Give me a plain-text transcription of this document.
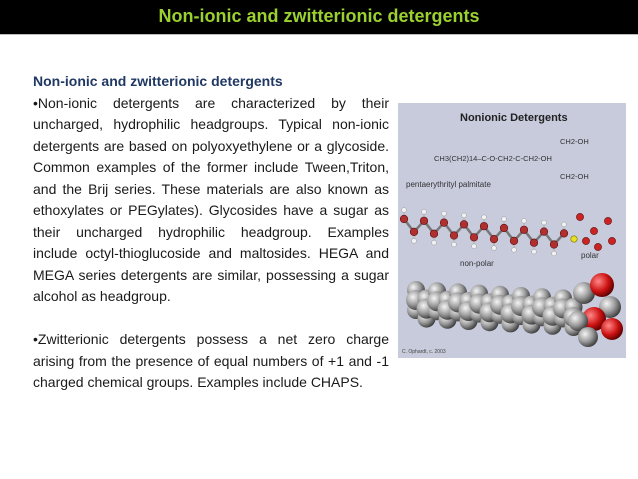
Non-ionic and zwitterionic detergents
Non-ionic and zwitterionic detergents
•Non-ionic detergents are characterized by their uncharged, hydrophilic headgroups. Typical non-ionic detergents are based on polyoxyethylene or a glycoside. Common examples of the former include Tween,Triton, and the Brij series. These materials are also known as ethoxylates or PEGylates). Glycosides have a sugar as their uncharged hydrophilic headgroup. Examples include octyl-thioglucoside and maltosides. HEGA and MEGA series detergents are similar, possessing a sugar alcohol as headgroup.
•Zwitterionic detergents possess a net zero charge arising from the presence of equal numbers of +1 and -1 charged chemical groups. Examples include CHAPS.
Nonionic Detergents
CH2-OH
CH3(CH2)14–C-O-CH2-C-CH2-OH
CH2-OH
pentaerythrityl palmitate
non-polar
polar
C. Ophardt, c. 2003
